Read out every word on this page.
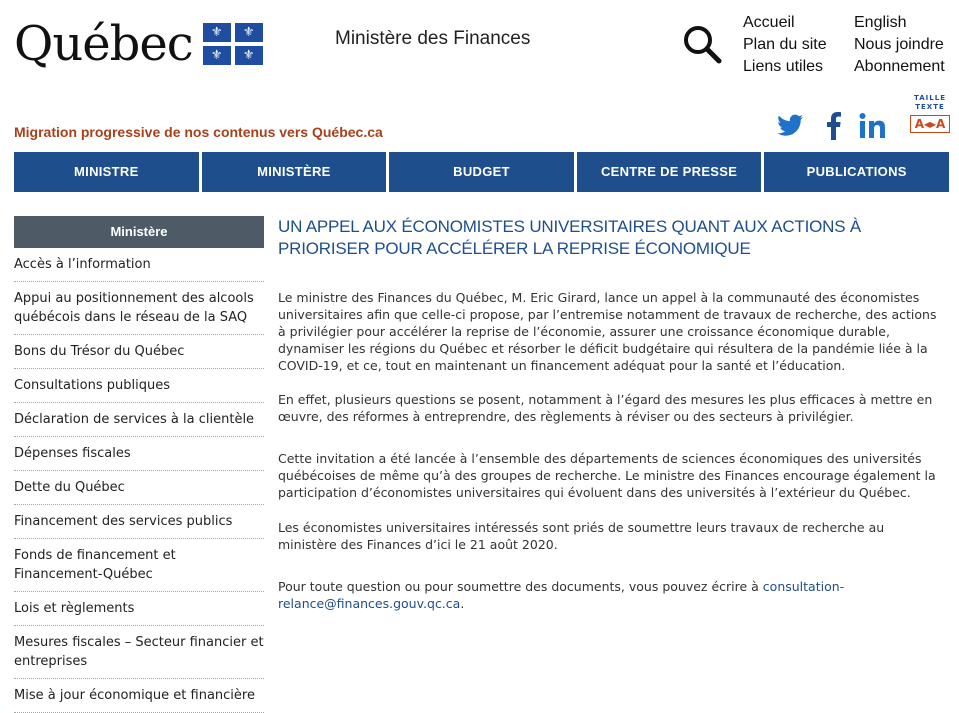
Québec	⚜	⚜
⚜	⚜
Ministère des Finances
Accueil
Plan du site
Liens utiles
English
Nous joindre
Abonnement
Migration progressive de nos contenus vers Québec.ca
TAILLE TEXTE
A◂▸A
MINISTRE	MINISTÈRE	BUDGET	CENTRE DE PRESSE	PUBLICATIONS
Ministère
Accès à l’information
Appui au positionnement des alcools québécois dans le réseau de la SAQ
Bons du Trésor du Québec
Consultations publiques
Déclaration de services à la clientèle
Dépenses fiscales
Dette du Québec
Financement des services publics
Fonds de financement et Financement-Québec
Lois et règlements
Mesures fiscales – Secteur financier et entreprises
Mise à jour économique et financière
UN APPEL AUX ÉCONOMISTES UNIVERSITAIRES QUANT AUX ACTIONS À PRIORISER POUR ACCÉLÉRER LA REPRISE ÉCONOMIQUE

Le ministre des Finances du Québec, M. Eric Girard, lance un appel à la communauté des économistes universitaires afin que celle-ci propose, par l’entremise notamment de travaux de recherche, des actions à privilégier pour accélérer la reprise de l’économie, assurer une croissance économique durable, dynamiser les régions du Québec et résorber le déficit budgétaire qui résultera de la pandémie liée à la COVID‑19, et ce, tout en maintenant un financement adéquat pour la santé et l’éducation.

En effet, plusieurs questions se posent, notamment à l’égard des mesures les plus efficaces à mettre en œuvre, des réformes à entreprendre, des règlements à réviser ou des secteurs à privilégier.

Cette invitation a été lancée à l’ensemble des départements de sciences économiques des universités québécoises de même qu’à des groupes de recherche. Le ministre des Finances encourage également la participation d’économistes universitaires qui évoluent dans des universités à l’extérieur du Québec.

Les économistes universitaires intéressés sont priés de soumettre leurs travaux de recherche au ministère des Finances d’ici le 21 août 2020.

Pour toute question ou pour soumettre des documents, vous pouvez écrire à consultation-relance@finances.gouv.qc.ca.
